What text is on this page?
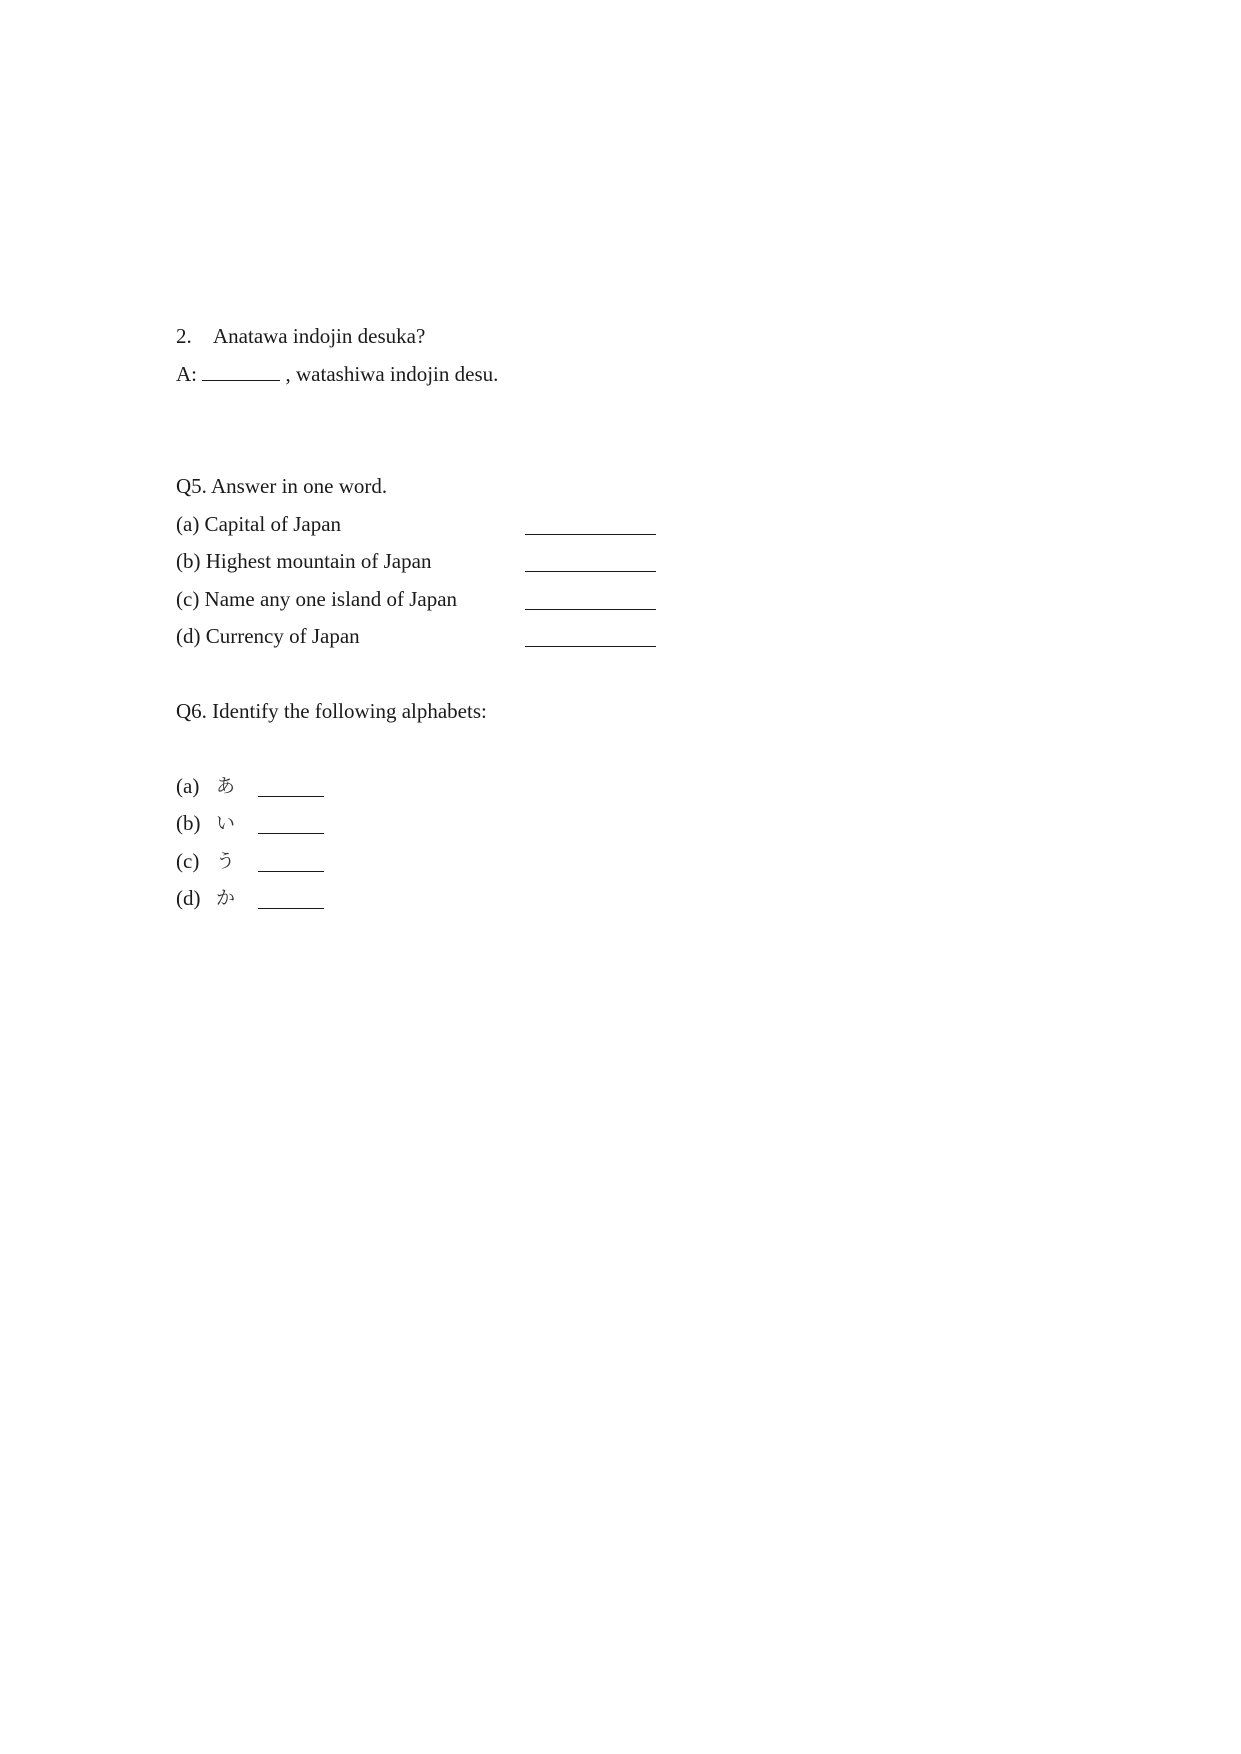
2. Anatawa indojin desuka?
A:	, watashiwa indojin desu.
Q5. Answer in one word.
(a) Capital of Japan
(b) Highest mountain of Japan
(c) Name any one island of Japan
(d) Currency of Japan
Q6. Identify the following alphabets:
(a) あ
(b) い
(c) う
(d) か
